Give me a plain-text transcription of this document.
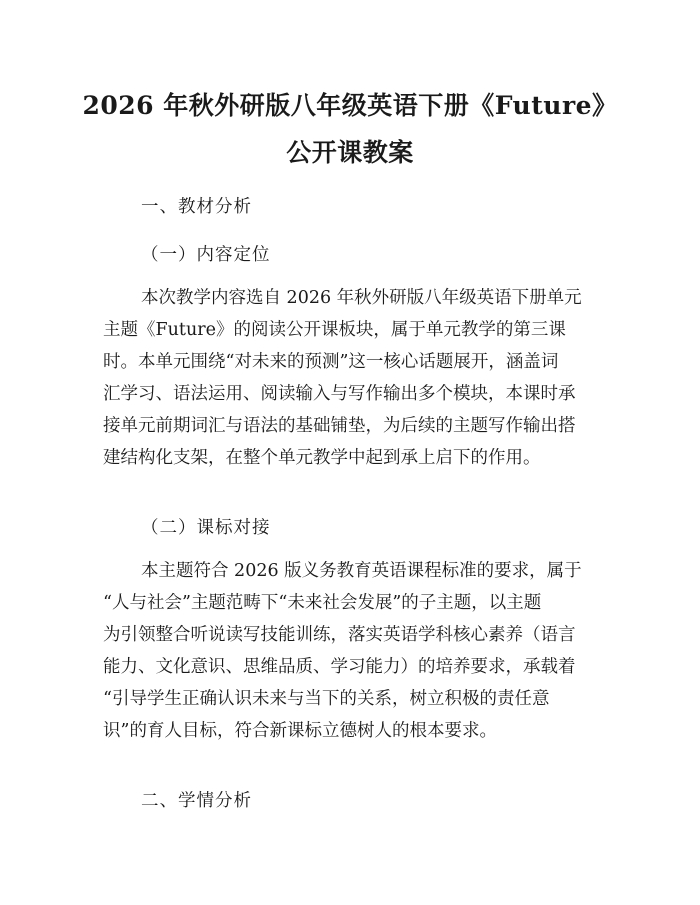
2026 年秋外研版八年级英语下册《Future》
公开课教案
一、教材分析
（一）内容定位
本次教学内容选自 2026 年秋外研版八年级英语下册单元
主题《Future》的阅读公开课板块，属于单元教学的第三课
时。本单元围绕“对未来的预测”这一核心话题展开，涵盖词
汇学习、语法运用、阅读输入与写作输出多个模块，本课时承
接单元前期词汇与语法的基础铺垫，为后续的主题写作输出搭
建结构化支架，在整个单元教学中起到承上启下的作用。
（二）课标对接
本主题符合 2026 版义务教育英语课程标准的要求，属于
“人与社会”主题范畴下“未来社会发展”的子主题，以主题
为引领整合听说读写技能训练，落实英语学科核心素养（语言
能力、文化意识、思维品质、学习能力）的培养要求，承载着
“引导学生正确认识未来与当下的关系，树立积极的责任意
识”的育人目标，符合新课标立德树人的根本要求。
二、学情分析
